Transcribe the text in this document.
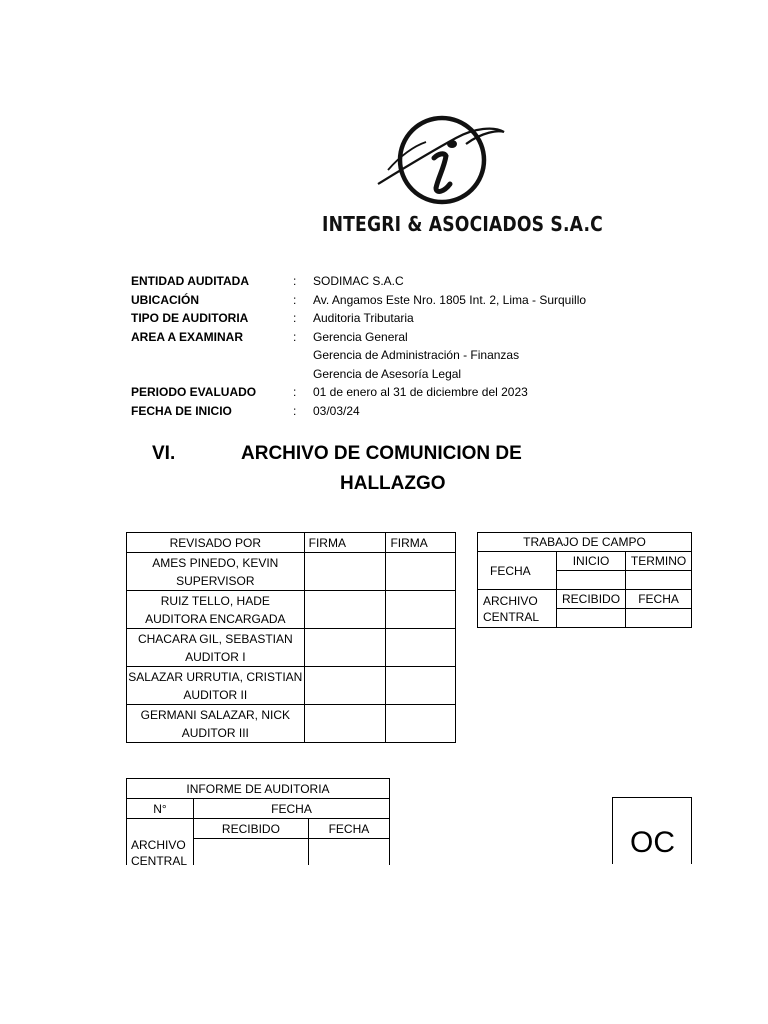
INTEGRI & ASOCIADOS S.A.C
ENTIDAD AUDITADA	:	SODIMAC S.A.C
UBICACIÓN	:	Av. Angamos Este Nro. 1805 Int. 2, Lima - Surquillo
TIPO DE AUDITORIA	:	Auditoria Tributaria
AREA A EXAMINAR	:	Gerencia General
Gerencia de Administración - Finanzas
Gerencia de Asesoría Legal
PERIODO EVALUADO	:	01 de enero al 31 de diciembre del 2023
FECHA DE INICIO	:	03/03/24
VI.	ARCHIVO DE COMUNICION DE
HALLAZGO
REVISADO POR	FIRMA	FIRMA

AMES PINEDO, KEVIN
SUPERVISOR		

RUIZ TELLO, HADE
AUDITORA ENCARGADA		

CHACARA GIL, SEBASTIAN
AUDITOR I		

SALAZAR URRUTIA, CRISTIAN
AUDITOR II		

GERMANI SALAZAR, NICK
AUDITOR III		

TRABAJO DE CAMPO		
FECHA	INICIO	TERMINO

ARCHIVO
CENTRAL	RECIBIDO	FECHA

INFORME DE AUDITORIA		
N°	FECHA	

ARCHIVO
CENTRAL	RECIBIDO	FECHA
		OC
